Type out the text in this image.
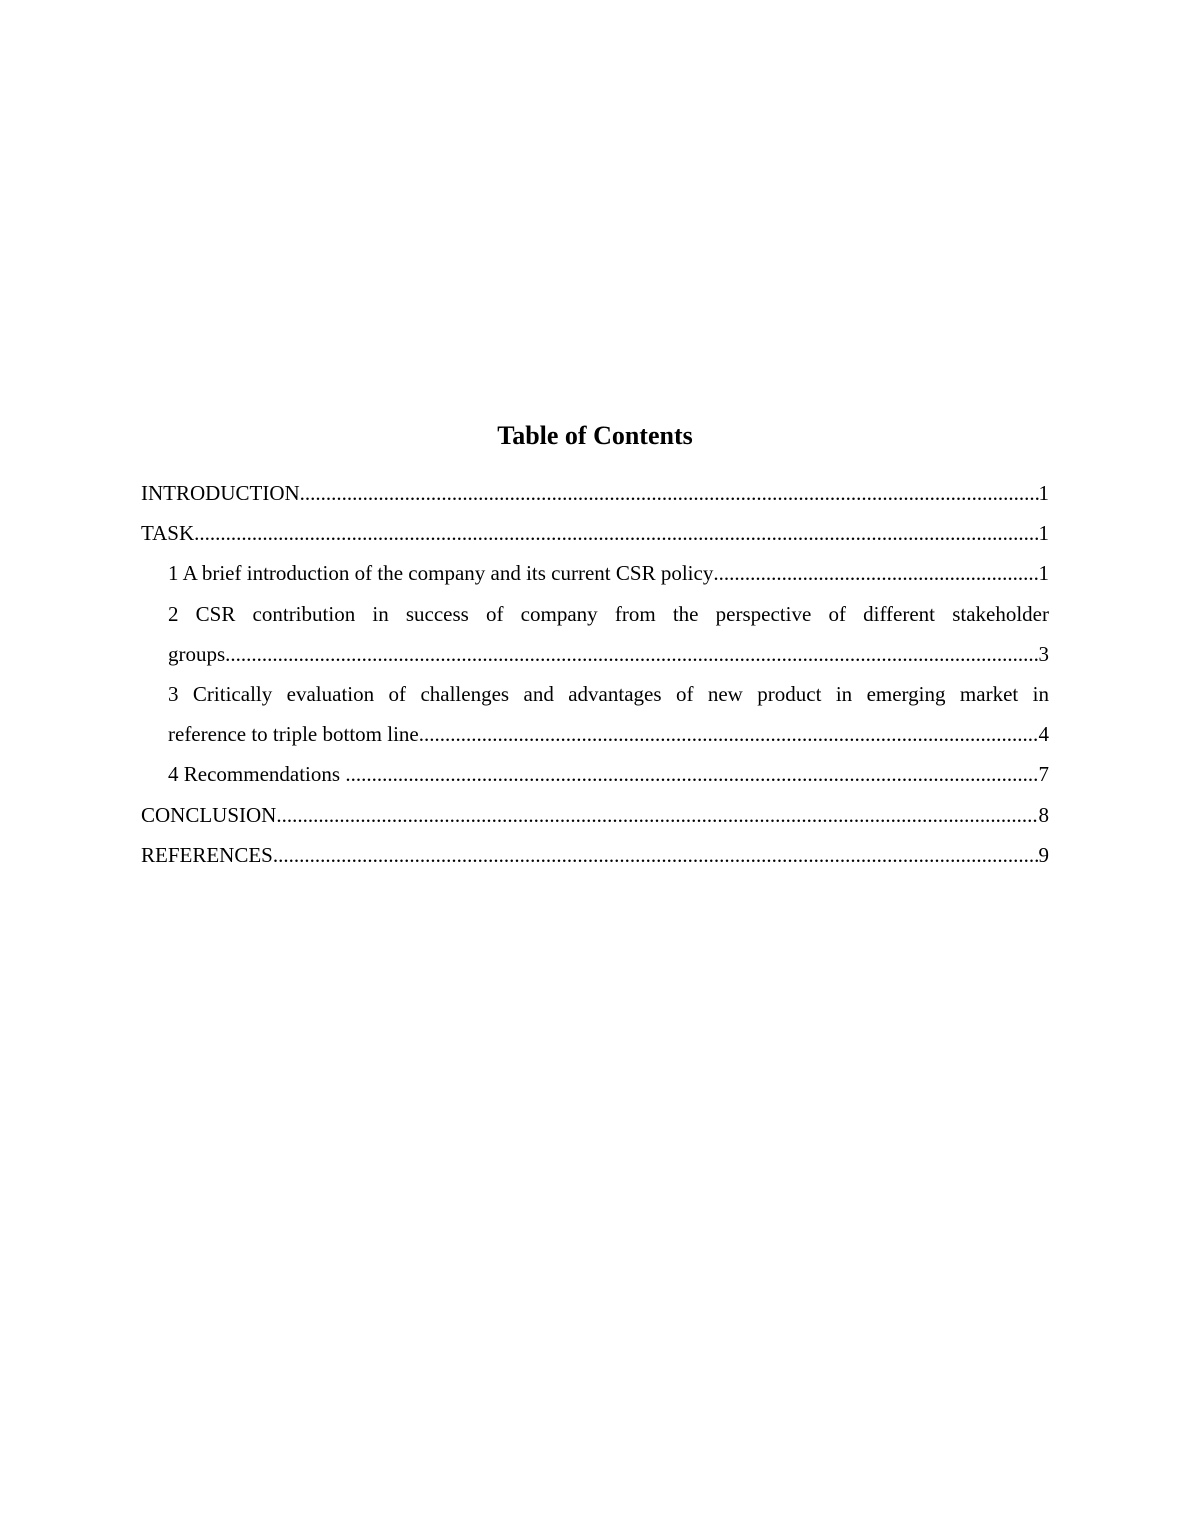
Table of Contents
INTRODUCTION .....	1
TASK .....	1
1 A brief introduction of the company and its current CSR policy .....	1
2 CSR contribution in success of company from the perspective of different stakeholder
groups .....	3
3 Critically evaluation of challenges and advantages of new product in emerging market in
reference to triple bottom line .....	4
4 Recommendations .....	7
CONCLUSION .....	8
REFERENCES .....	9
